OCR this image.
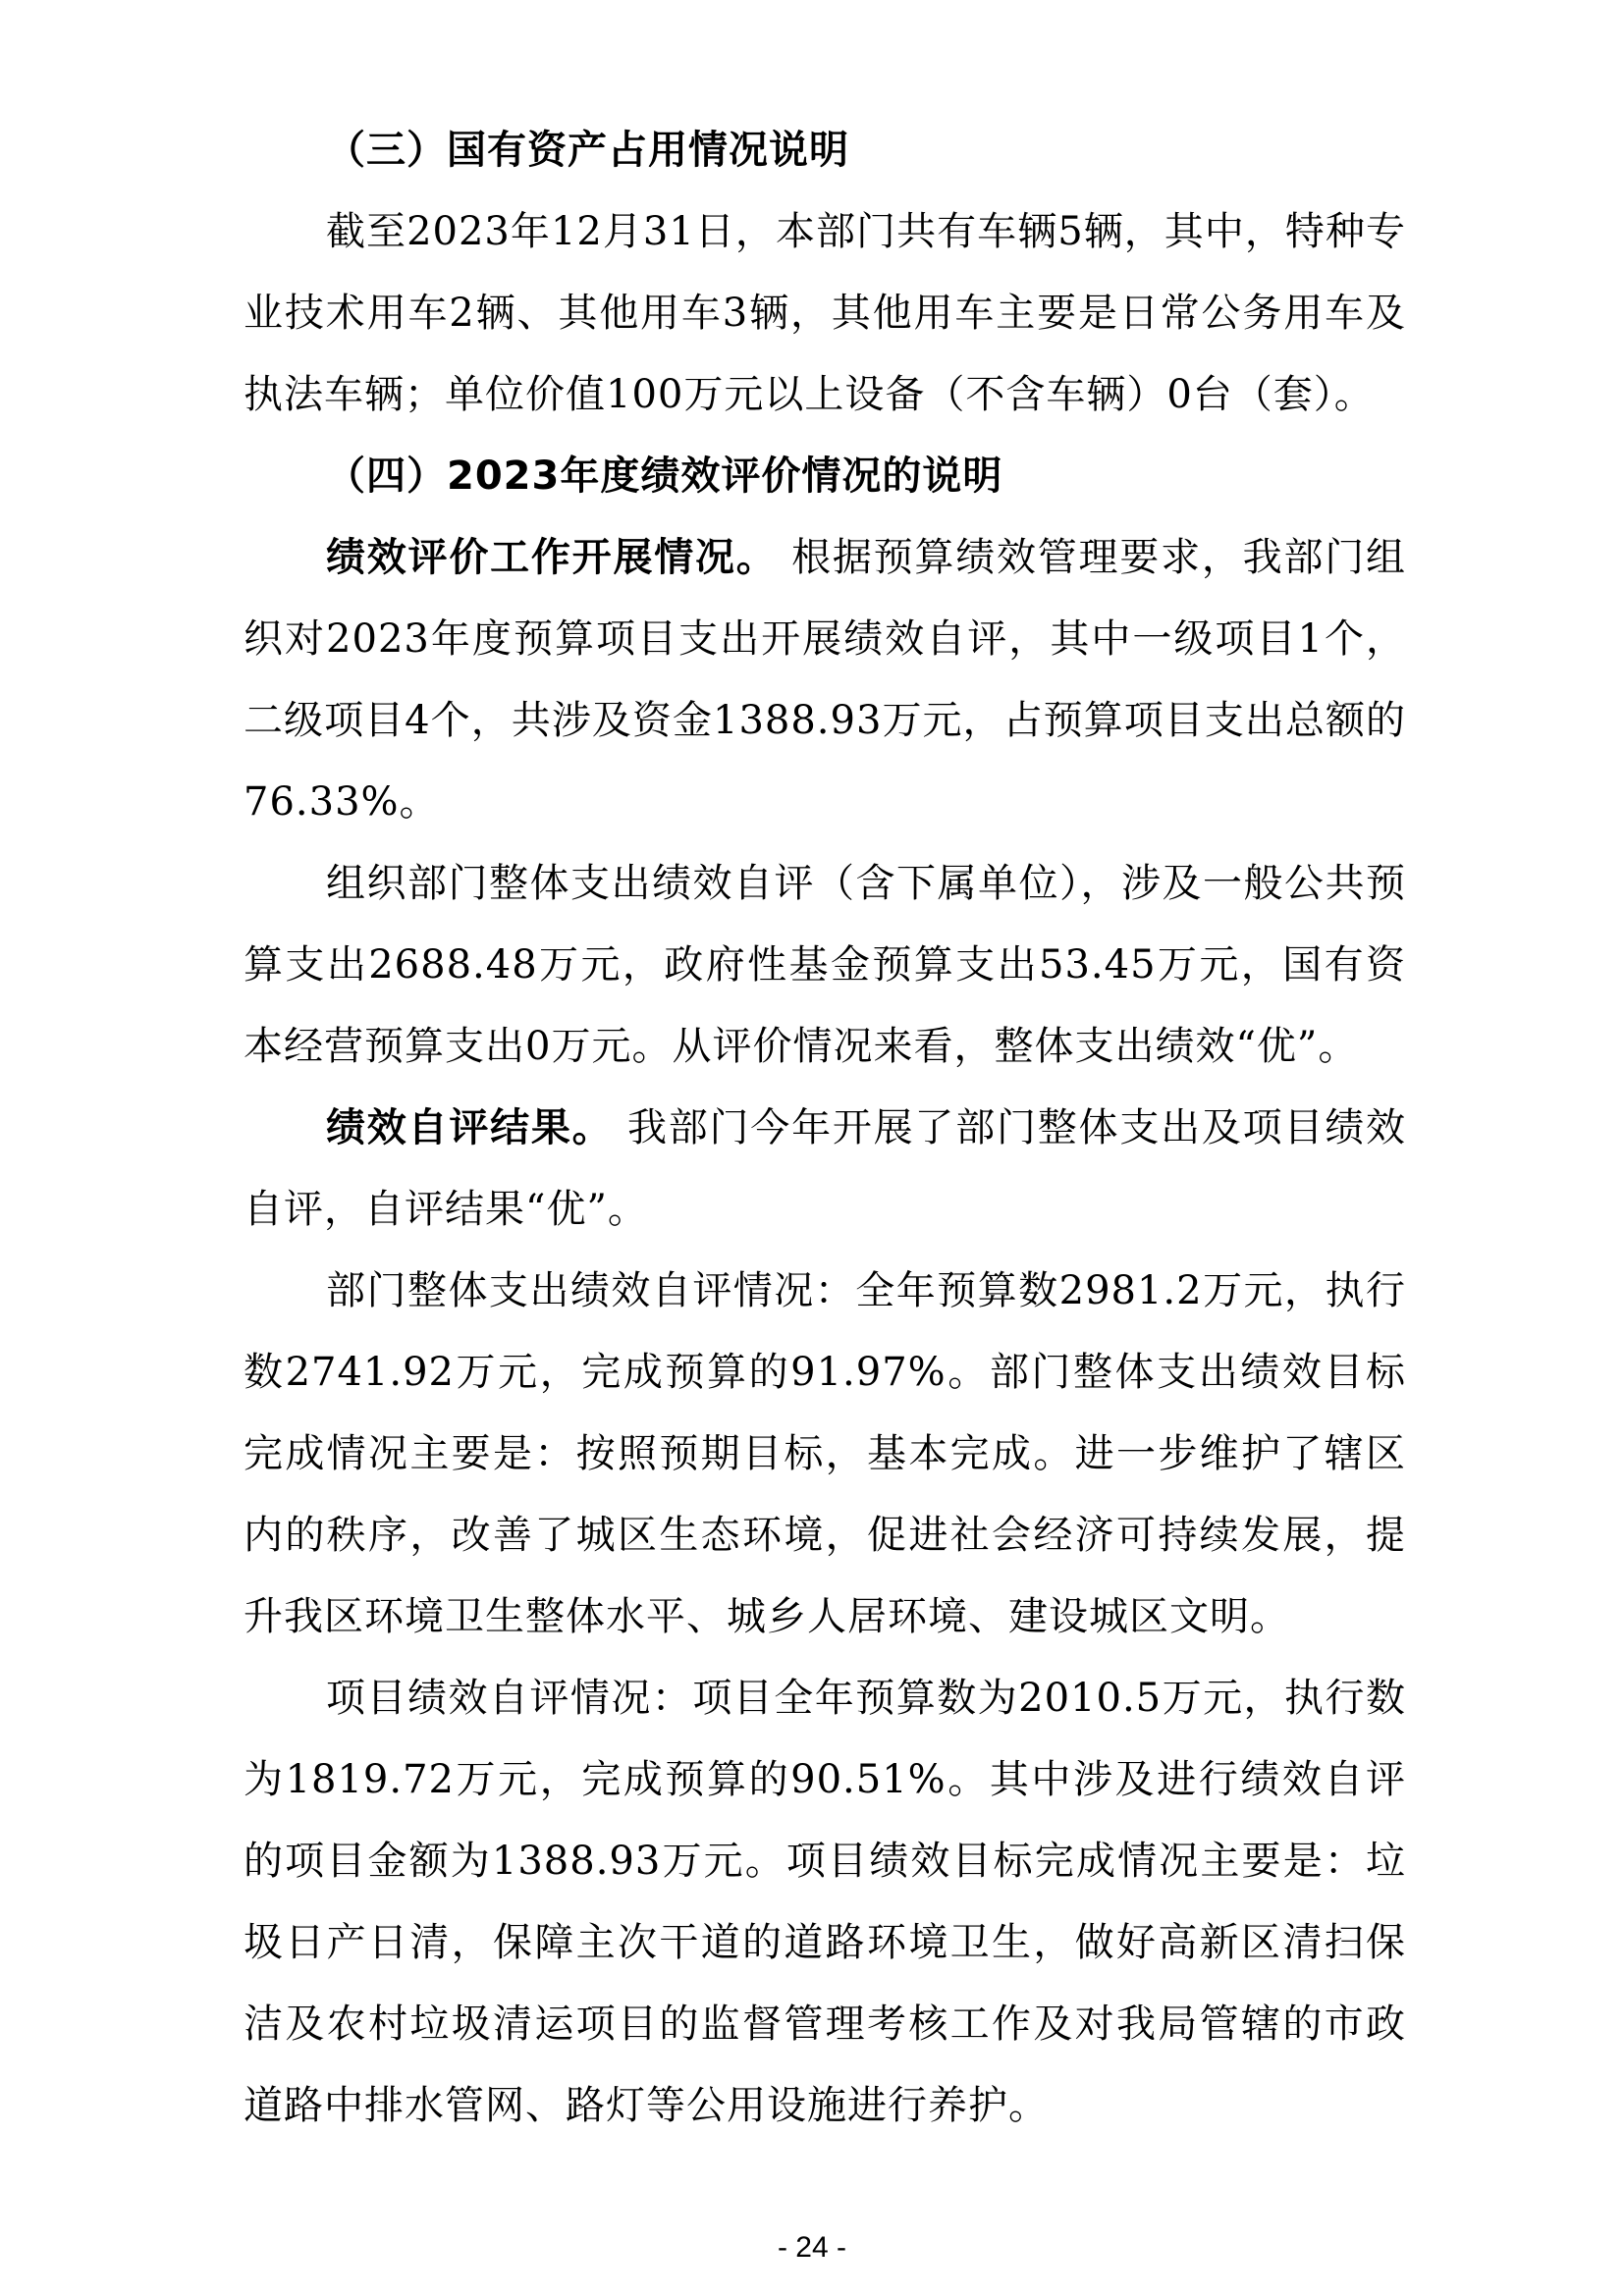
（三）国有资产占用情况说明

截至2023年12月31日，本部门共有车辆5辆，其中，特种专业技术用车2辆、其他用车3辆，其他用车主要是日常公务用车及执法车辆；单位价值100万元以上设备（不含车辆）0台（套）。

（四）2023年度绩效评价情况的说明

绩效评价工作开展情况。 根据预算绩效管理要求，我部门组织对2023年度预算项目支出开展绩效自评，其中一级项目1个，二级项目4个，共涉及资金1388.93万元，占预算项目支出总额的76.33%。

组织部门整体支出绩效自评（含下属单位），涉及一般公共预算支出2688.48万元，政府性基金预算支出53.45万元，国有资本经营预算支出0万元。从评价情况来看，整体支出绩效“优”。

绩效自评结果。 我部门今年开展了部门整体支出及项目绩效自评，自评结果“优”。

部门整体支出绩效自评情况：全年预算数2981.2万元，执行数2741.92万元，完成预算的91.97%。部门整体支出绩效目标完成情况主要是：按照预期目标，基本完成。进一步维护了辖区内的秩序，改善了城区生态环境，促进社会经济可持续发展，提升我区环境卫生整体水平、城乡人居环境、建设城区文明。

项目绩效自评情况：项目全年预算数为2010.5万元，执行数为1819.72万元，完成预算的90.51%。其中涉及进行绩效自评的项目金额为1388.93万元。项目绩效目标完成情况主要是：垃圾日产日清，保障主次干道的道路环境卫生，做好高新区清扫保洁及农村垃圾清运项目的监督管理考核工作及对我局管辖的市政道路中排水管网、路灯等公用设施进行养护。

- 24 -
